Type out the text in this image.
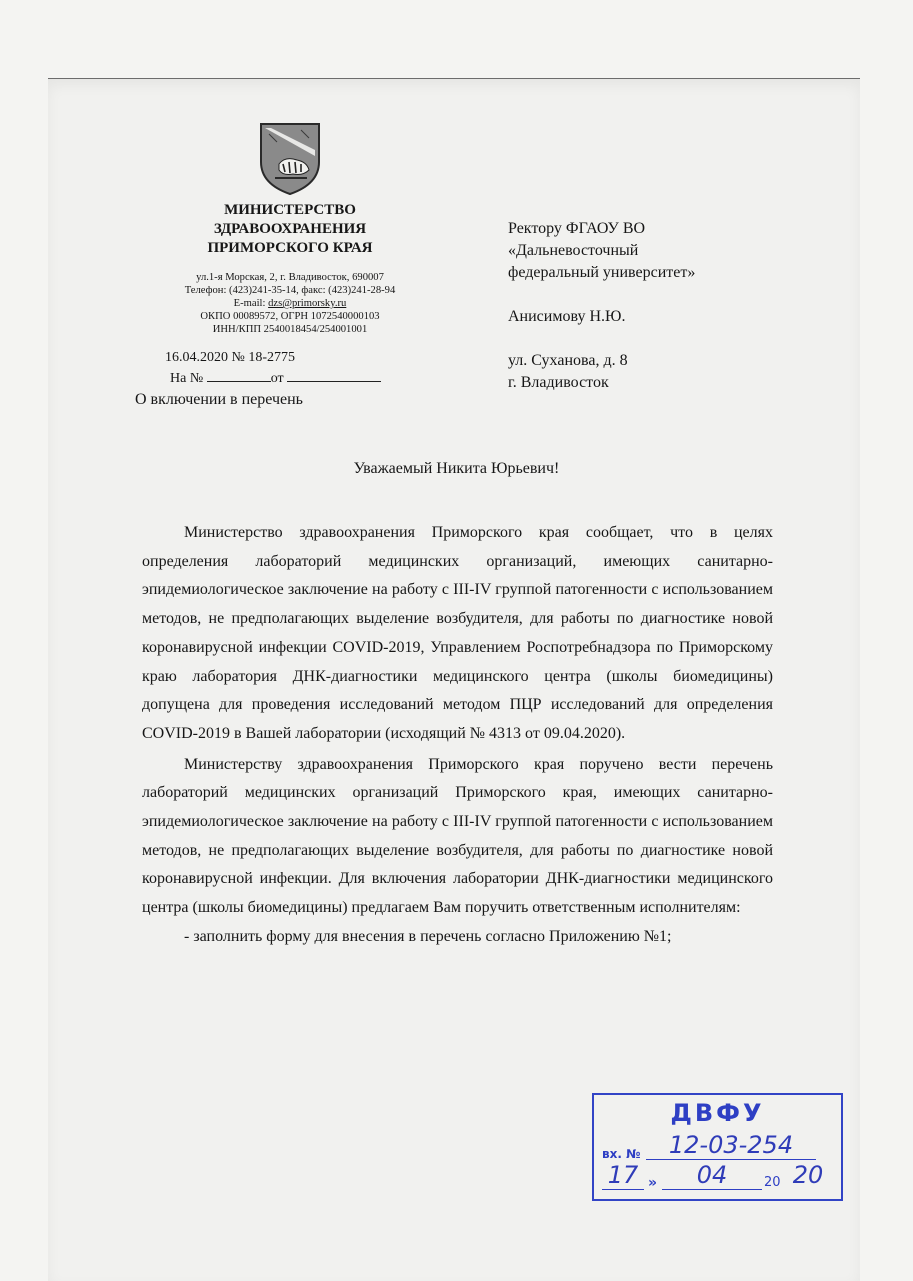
МИНИСТЕРСТВО
ЗДРАВООХРАНЕНИЯ
ПРИМОРСКОГО КРАЯ
ул.1-я Морская, 2, г. Владивосток, 690007
Телефон: (423)241-35-14, факс: (423)241-28-94
E-mail: dzs@primorsky.ru
ОКПО 00089572, ОГРН 1072540000103
ИНН/КПП 2540018454/254001001
16.04.2020 № 18-2775
На №	от
О включении в перечень
Ректору ФГАОУ ВО
«Дальневосточный
федеральный университет»
Анисимову Н.Ю.
ул. Суханова, д. 8
г. Владивосток
Уважаемый Никита Юрьевич!

Министерство здравоохранения Приморского края сообщает, что в целях определения лабораторий медицинских организаций, имеющих санитарно-эпидемиологическое заключение на работу с III-IV группой патогенности с использованием методов, не предполагающих выделение возбудителя, для работы по диагностике новой коронавирусной инфекции COVID-2019, Управлением Роспотребнадзора по Приморскому краю лаборатория ДНК-диагностики медицинского центра (школы биомедицины) допущена для проведения исследований методом ПЦР исследований для определения COVID-2019 в Вашей лаборатории (исходящий № 4313 от 09.04.2020).

Министерству здравоохранения Приморского края поручено вести перечень лабораторий медицинских организаций Приморского края, имеющих санитарно-эпидемиологическое заключение на работу с III-IV группой патогенности с использованием методов, не предполагающих выделение возбудителя, для работы по диагностике новой коронавирусной инфекции. Для включения лаборатории ДНК-диагностики медицинского центра (школы биомедицины) предлагаем Вам поручить ответственным исполнителям:

- заполнить форму для внесения в перечень согласно Приложению №1;

ДВФУ
вх. №	12-03-254
17 »	04	20 20
